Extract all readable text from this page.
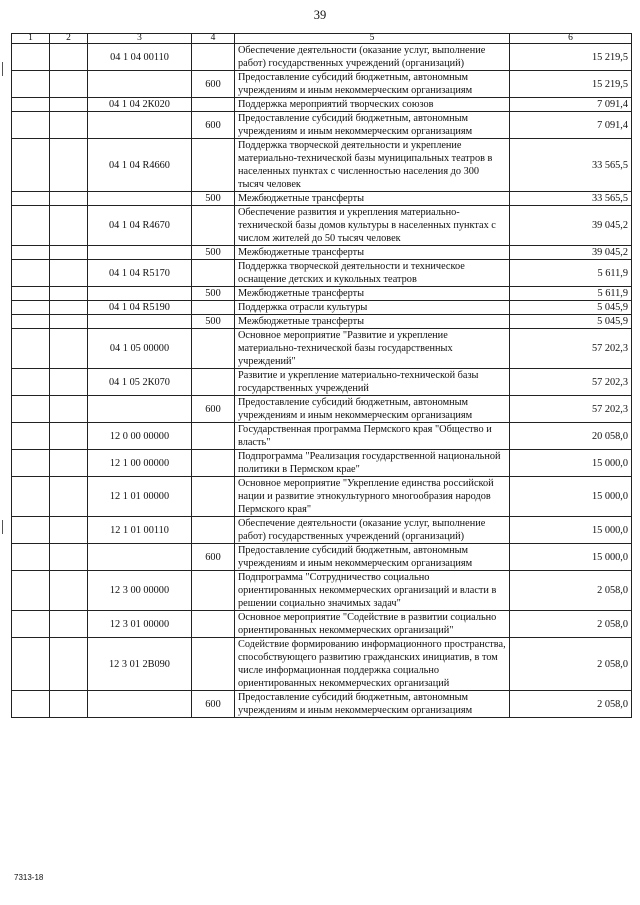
39
1	2	3	4	5	6
		04 1 04 00110		Обеспечение деятельности (оказание услуг, выполнение работ) государственных учреждений (организаций)	15 219,5
			600	Предоставление субсидий бюджетным, автономным учреждениям и иным некоммерческим организациям	15 219,5
		04 1 04 2К020		Поддержка мероприятий творческих союзов	7 091,4
			600	Предоставление субсидий бюджетным, автономным учреждениям и иным некоммерческим организациям	7 091,4
		04 1 04 R4660		Поддержка творческой деятельности и укрепление материально-технической базы муниципальных театров в населенных пунктах с численностью населения до 300 тысяч человек	33 565,5
			500	Межбюджетные трансферты	33 565,5
		04 1 04 R4670		Обеспечение развития и укрепления материально-технической базы домов культуры в населенных пунктах с числом жителей до 50 тысяч человек	39 045,2
			500	Межбюджетные трансферты	39 045,2
		04 1 04 R5170		Поддержка творческой деятельности и техническое оснащение детских и кукольных театров	5 611,9
			500	Межбюджетные трансферты	5 611,9
		04 1 04 R5190		Поддержка отрасли культуры	5 045,9
			500	Межбюджетные трансферты	5 045,9
		04 1 05 00000		Основное мероприятие "Развитие и укрепление материально-технической базы государственных учреждений"	57 202,3
		04 1 05 2К070		Развитие и укрепление материально-технической базы государственных учреждений	57 202,3
			600	Предоставление субсидий бюджетным, автономным учреждениям и иным некоммерческим организациям	57 202,3
		12 0 00 00000		Государственная программа Пермского края "Общество и власть"	20 058,0
		12 1 00 00000		Подпрограмма "Реализация государственной национальной политики в Пермском крае"	15 000,0
		12 1 01 00000		Основное мероприятие "Укрепление единства российской нации и развитие этнокультурного многообразия народов Пермского края"	15 000,0
		12 1 01 00110		Обеспечение деятельности (оказание услуг, выполнение работ) государственных учреждений (организаций)	15 000,0
			600	Предоставление субсидий бюджетным, автономным учреждениям и иным некоммерческим организациям	15 000,0
		12 3 00 00000		Подпрограмма "Сотрудничество социально ориентированных некоммерческих организаций и власти в решении социально значимых задач"	2 058,0
		12 3 01 00000		Основное мероприятие "Содействие в развитии социально ориентированных некоммерческих организаций"	2 058,0
		12 3 01 2В090		Содействие формированию информационного пространства, способствующего развитию гражданских инициатив, в том числе информационная поддержка социально ориентированных некоммерческих организаций	2 058,0
			600	Предоставление субсидий бюджетным, автономным учреждениям и иным некоммерческим организациям	2 058,0
7313-18
